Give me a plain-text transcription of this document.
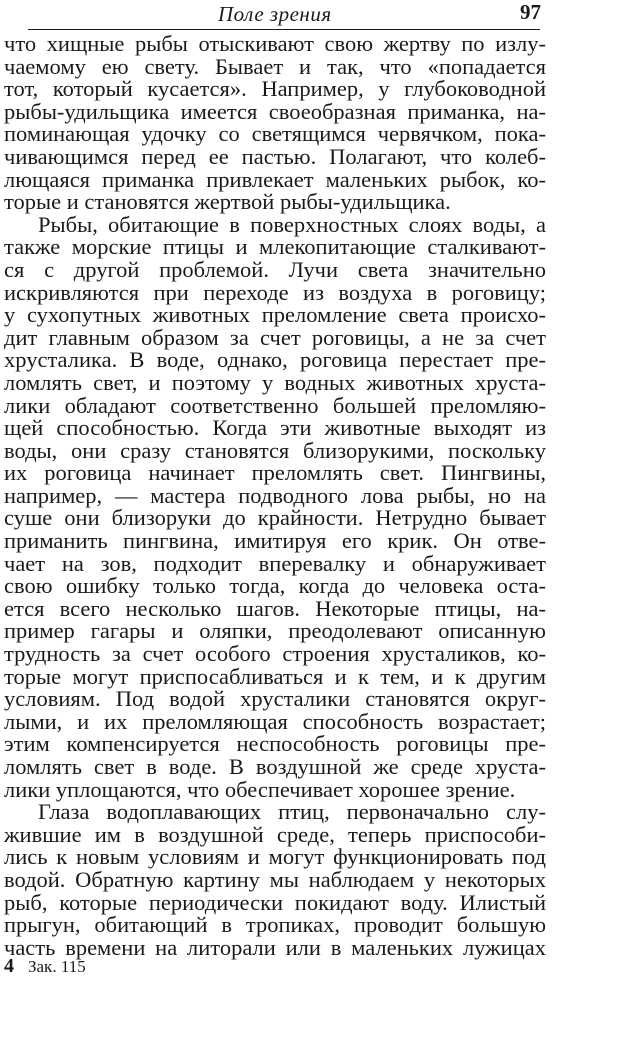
Поле зрения	97
что хищные рыбы отыскивают свою жертву по излу-
чаемому ею свету. Бывает и так, что «попадается
тот, который кусается». Например, у глубоководной
рыбы-удильщика имеется своеобразная приманка, на-
поминающая удочку со светящимся червячком, пока-
чивающимся перед ее пастью. Полагают, что колеб-
лющаяся приманка привлекает маленьких рыбок, ко-
торые и становятся жертвой рыбы-удильщика.
Рыбы, обитающие в поверхностных слоях воды, а
также морские птицы и млекопитающие сталкивают-
ся с другой проблемой. Лучи света значительно
искривляются при переходе из воздуха в роговицу;
у сухопутных животных преломление света происхо-
дит главным образом за счет роговицы, а не за счет
хрусталика. В воде, однако, роговица перестает пре-
ломлять свет, и поэтому у водных животных хруста-
лики обладают соответственно большей преломляю-
щей способностью. Когда эти животные выходят из
воды, они сразу становятся близорукими, поскольку
их роговица начинает преломлять свет. Пингвины,
например, — мастера подводного лова рыбы, но на
суше они близоруки до крайности. Нетрудно бывает
приманить пингвина, имитируя его крик. Он отве-
чает на зов, подходит вперевалку и обнаруживает
свою ошибку только тогда, когда до человека оста-
ется всего несколько шагов. Некоторые птицы, на-
пример гагары и оляпки, преодолевают описанную
трудность за счет особого строения хрусталиков, ко-
торые могут приспосабливаться и к тем, и к другим
условиям. Под водой хрусталики становятся округ-
лыми, и их преломляющая способность возрастает;
этим компенсируется неспособность роговицы пре-
ломлять свет в воде. В воздушной же среде хруста-
лики уплощаются, что обеспечивает хорошее зрение.
Глаза водоплавающих птиц, первоначально слу-
жившие им в воздушной среде, теперь приспособи-
лись к новым условиям и могут функционировать под
водой. Обратную картину мы наблюдаем у некоторых
рыб, которые периодически покидают воду. Илистый
прыгун, обитающий в тропиках, проводит большую
часть времени на литорали или в маленьких лужицах
4 Зак. 115
